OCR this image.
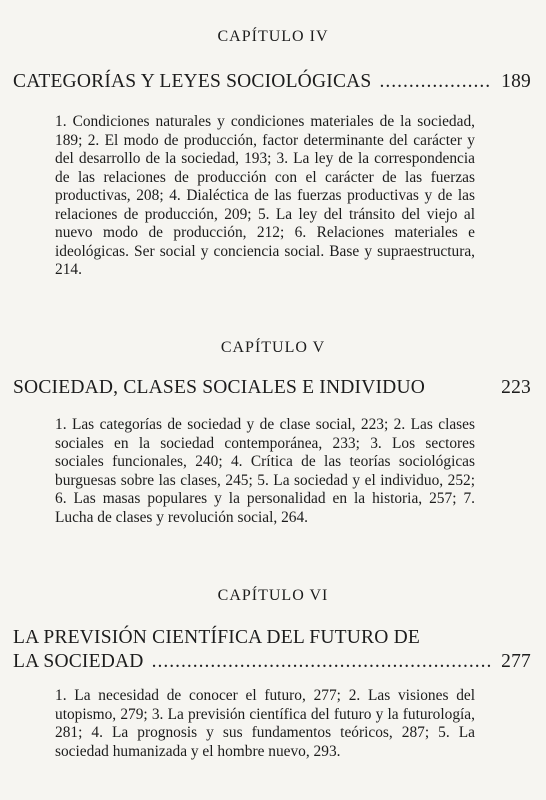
CAPÍTULO IV
CATEGORÍAS Y LEYES SOCIOLÓGICAS .....	189
1. Condiciones naturales y condiciones materiales de la sociedad, 189; 2. El modo de producción, factor determinante del carácter y del desarrollo de la sociedad, 193; 3. La ley de la correspondencia de las relaciones de producción con el carácter de las fuerzas productivas, 208; 4. Dialéctica de las fuerzas productivas y de las relaciones de producción, 209; 5. La ley del tránsito del viejo al nuevo modo de producción, 212; 6. Relaciones materiales e ideológicas. Ser social y conciencia social. Base y supraestructura, 214.
CAPÍTULO V
SOCIEDAD, CLASES SOCIALES E INDIVIDUO	223
1. Las categorías de sociedad y de clase social, 223; 2. Las clases sociales en la sociedad contemporánea, 233; 3. Los sectores sociales funcionales, 240; 4. Crítica de las teorías sociológicas burguesas sobre las clases, 245; 5. La sociedad y el individuo, 252; 6. Las masas populares y la personalidad en la historia, 257; 7. Lucha de clases y revolución social, 264.
CAPÍTULO VI
LA PREVISIÓN CIENTÍFICA DEL FUTURO DE
LA SOCIEDAD .....	277
1. La necesidad de conocer el futuro, 277; 2. Las visiones del utopismo, 279; 3. La previsión científica del futuro y la futurología, 281; 4. La prognosis y sus fundamentos teóricos, 287; 5. La sociedad humanizada y el hombre nuevo, 293.
